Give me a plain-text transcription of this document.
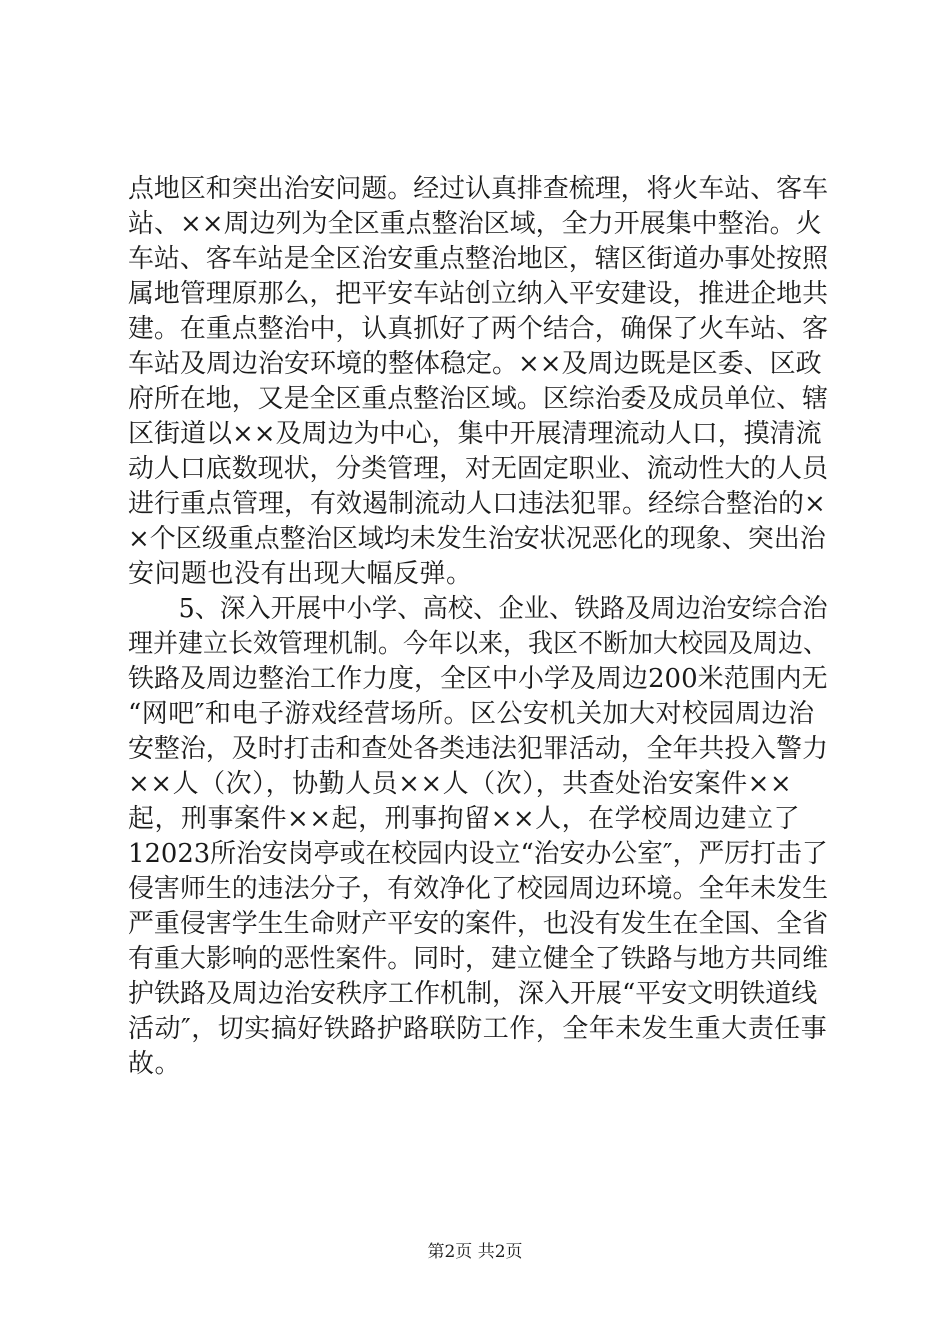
点地区和突出治安问题。经过认真排查梳理，将火车站、客车
站、××周边列为全区重点整治区域，全力开展集中整治。火
车站、客车站是全区治安重点整治地区，辖区街道办事处按照
属地管理原那么，把平安车站创立纳入平安建设，推进企地共
建。在重点整治中，认真抓好了两个结合，确保了火车站、客
车站及周边治安环境的整体稳定。××及周边既是区委、区政
府所在地，又是全区重点整治区域。区综治委及成员单位、辖
区街道以××及周边为中心，集中开展清理流动人口，摸清流
动人口底数现状，分类管理，对无固定职业、流动性大的人员
进行重点管理，有效遏制流动人口违法犯罪。经综合整治的×
×个区级重点整治区域均未发生治安状况恶化的现象、突出治
安问题也没有出现大幅反弹。
　　5、深入开展中小学、高校、企业、铁路及周边治安综合治
理并建立长效管理机制。今年以来，我区不断加大校园及周边、
铁路及周边整治工作力度，全区中小学及周边200米范围内无
“网吧″和电子游戏经营场所。区公安机关加大对校园周边治
安整治，及时打击和查处各类违法犯罪活动，全年共投入警力
××人（次），协勤人员××人（次），共查处治安案件××
起，刑事案件××起，刑事拘留××人，在学校周边建立了
12023所治安岗亭或在校园内设立“治安办公室″，严厉打击了
侵害师生的违法分子，有效净化了校园周边环境。全年未发生
严重侵害学生生命财产平安的案件，也没有发生在全国、全省
有重大影响的恶性案件。同时，建立健全了铁路与地方共同维
护铁路及周边治安秩序工作机制，深入开展“平安文明铁道线
活动″，切实搞好铁路护路联防工作，全年未发生重大责任事
故。
第2页 共2页
